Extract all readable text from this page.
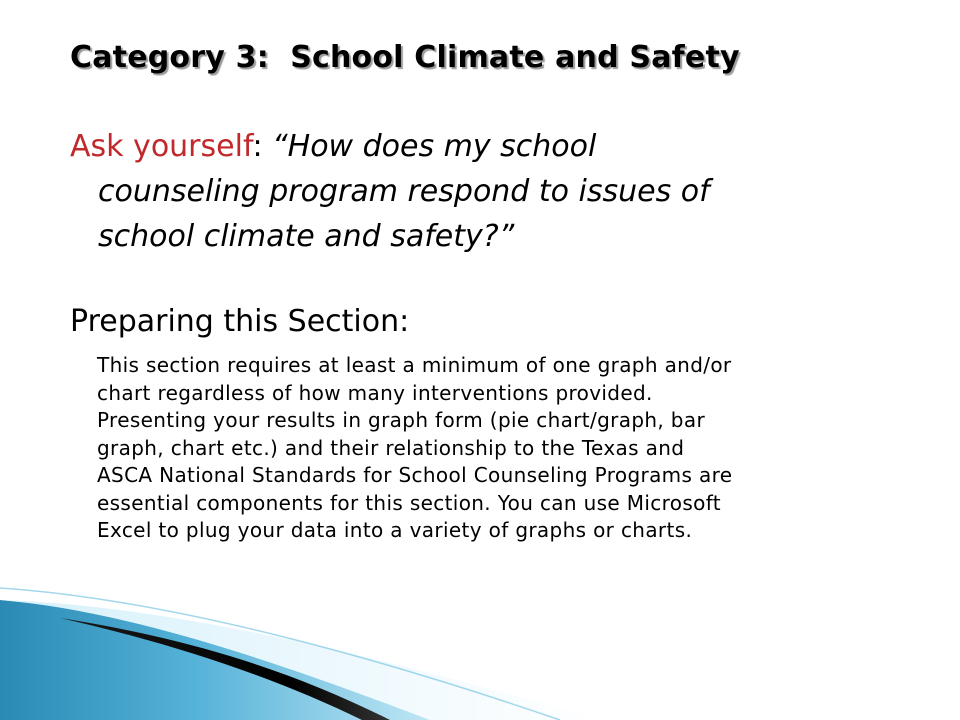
Category 3:  School Climate and Safety
Ask yourself: “How does my school
counseling program respond to issues of
school climate and safety?”
Preparing this Section:
This section requires at least a minimum of one graph and/or
chart regardless of how many interventions provided.
Presenting your results in graph form (pie chart/graph, bar
graph, chart etc.) and their relationship to the Texas and
ASCA National Standards for School Counseling Programs are
essential components for this section. You can use Microsoft
Excel to plug your data into a variety of graphs or charts.
